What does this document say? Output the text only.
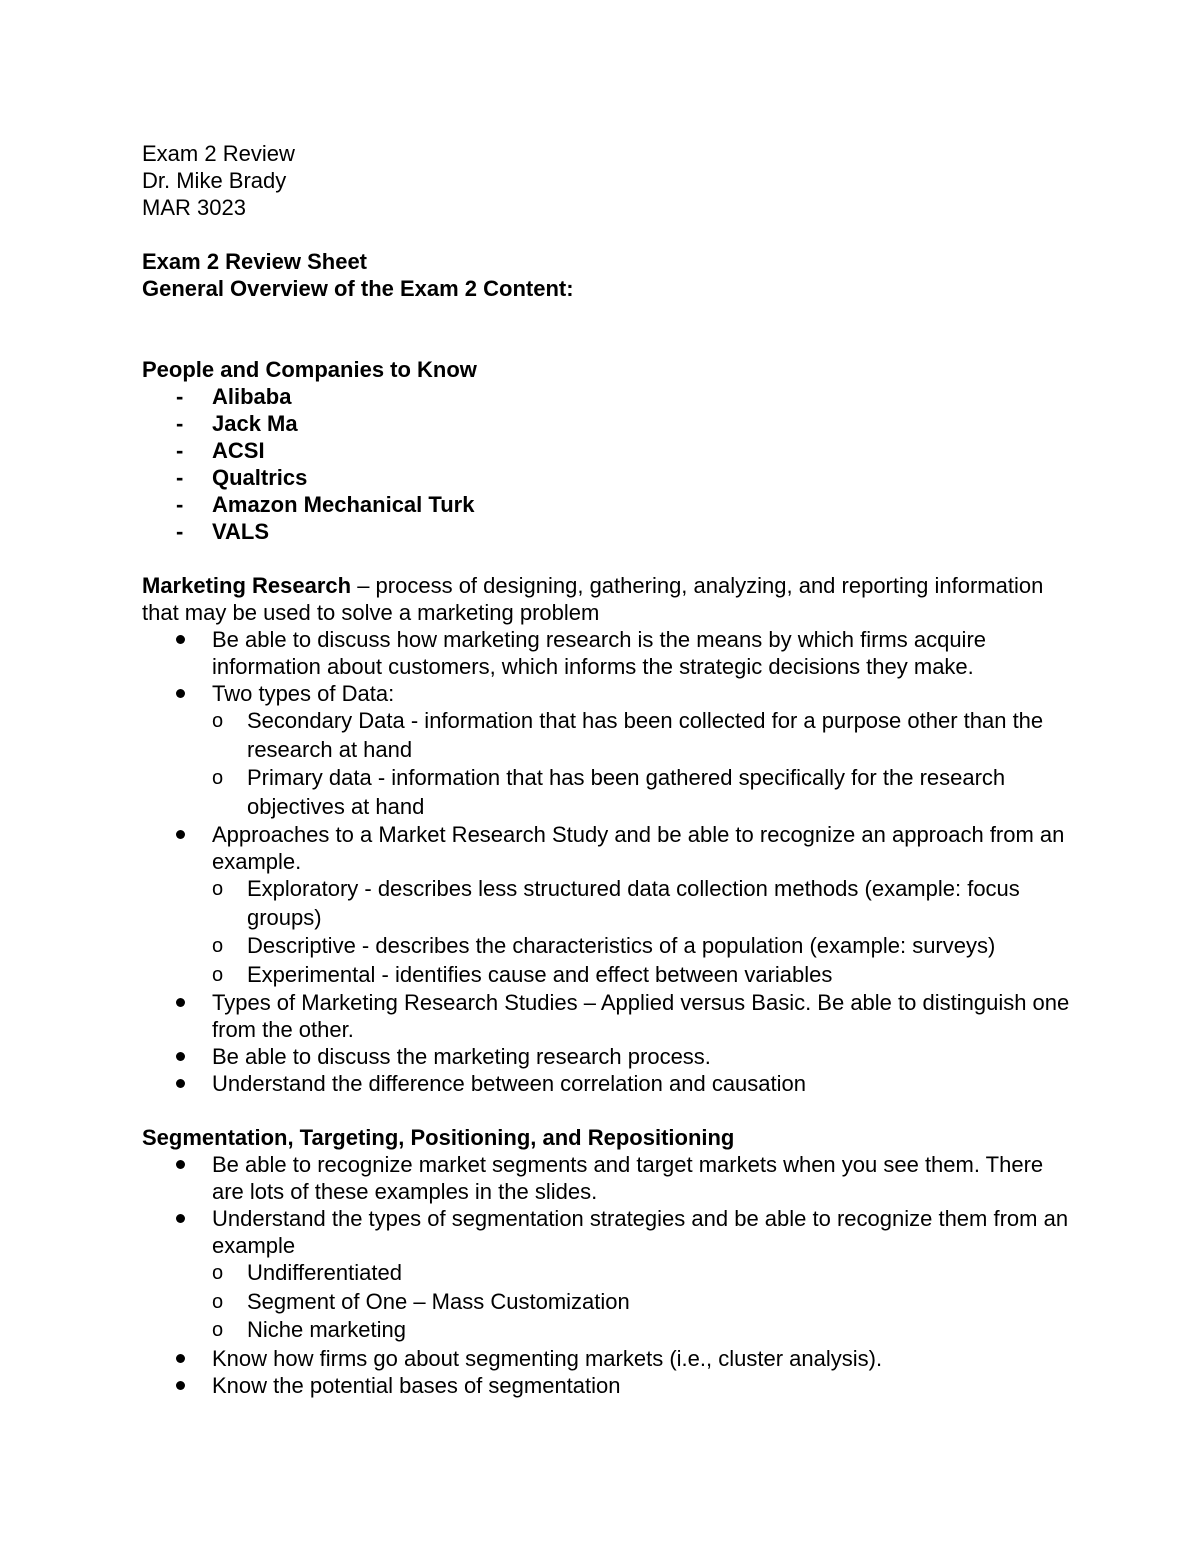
Exam 2 Review

Dr. Mike Brady

MAR 3023

Exam 2 Review Sheet

General Overview of the Exam 2 Content:

People and Companies to Know

- Alibaba
- Jack Ma
- ACSI
- Qualtrics
- Amazon Mechanical Turk
- VALS

Marketing Research – process of designing, gathering, analyzing, and reporting information that may be used to solve a marketing problem

Be able to discuss how marketing research is the means by which firms acquire information about customers, which informs the strategic decisions they make.
Two types of Data:
o Secondary Data - information that has been collected for a purpose other than the research at hand
o Primary data - information that has been gathered specifically for the research objectives at hand
Approaches to a Market Research Study and be able to recognize an approach from an example.
o Exploratory - describes less structured data collection methods (example: focus groups)
o Descriptive - describes the characteristics of a population (example: surveys)
o Experimental - identifies cause and effect between variables
Types of Marketing Research Studies – Applied versus Basic. Be able to distinguish one from the other.
Be able to discuss the marketing research process.
Understand the difference between correlation and causation

Segmentation, Targeting, Positioning, and Repositioning

Be able to recognize market segments and target markets when you see them. There are lots of these examples in the slides.
Understand the types of segmentation strategies and be able to recognize them from an example
o Undifferentiated
o Segment of One – Mass Customization
o Niche marketing
Know how firms go about segmenting markets (i.e., cluster analysis).
Know the potential bases of segmentation
